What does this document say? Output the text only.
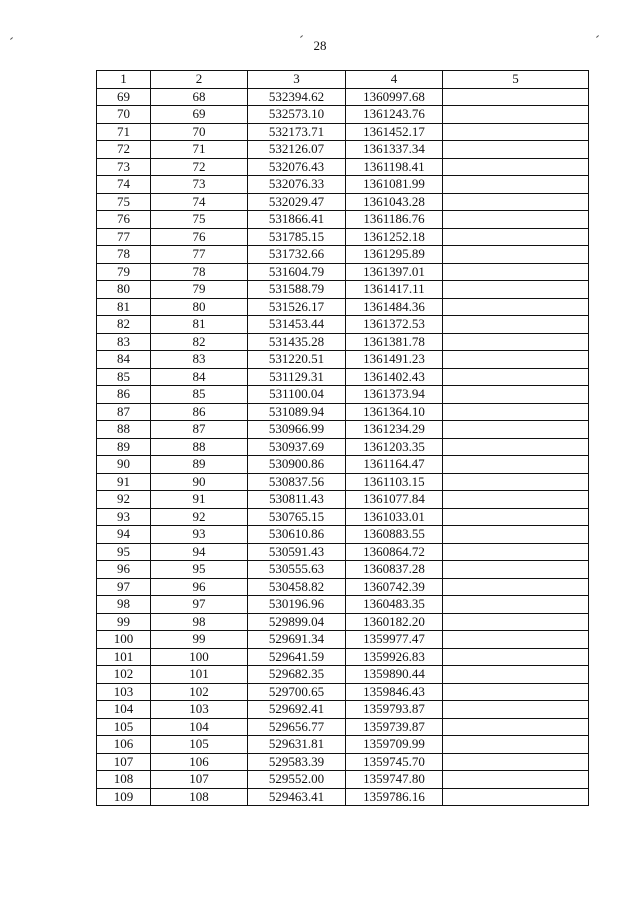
28
1	2	3	4	5
69	68	532394.62	1360997.68	
70	69	532573.10	1361243.76	
71	70	532173.71	1361452.17	
72	71	532126.07	1361337.34	
73	72	532076.43	1361198.41	
74	73	532076.33	1361081.99	
75	74	532029.47	1361043.28	
76	75	531866.41	1361186.76	
77	76	531785.15	1361252.18	
78	77	531732.66	1361295.89	
79	78	531604.79	1361397.01	
80	79	531588.79	1361417.11	
81	80	531526.17	1361484.36	
82	81	531453.44	1361372.53	
83	82	531435.28	1361381.78	
84	83	531220.51	1361491.23	
85	84	531129.31	1361402.43	
86	85	531100.04	1361373.94	
87	86	531089.94	1361364.10	
88	87	530966.99	1361234.29	
89	88	530937.69	1361203.35	
90	89	530900.86	1361164.47	
91	90	530837.56	1361103.15	
92	91	530811.43	1361077.84	
93	92	530765.15	1361033.01	
94	93	530610.86	1360883.55	
95	94	530591.43	1360864.72	
96	95	530555.63	1360837.28	
97	96	530458.82	1360742.39	
98	97	530196.96	1360483.35	
99	98	529899.04	1360182.20	
100	99	529691.34	1359977.47	
101	100	529641.59	1359926.83	
102	101	529682.35	1359890.44	
103	102	529700.65	1359846.43	
104	103	529692.41	1359793.87	
105	104	529656.77	1359739.87	
106	105	529631.81	1359709.99	
107	106	529583.39	1359745.70	
108	107	529552.00	1359747.80	
109	108	529463.41	1359786.16	
